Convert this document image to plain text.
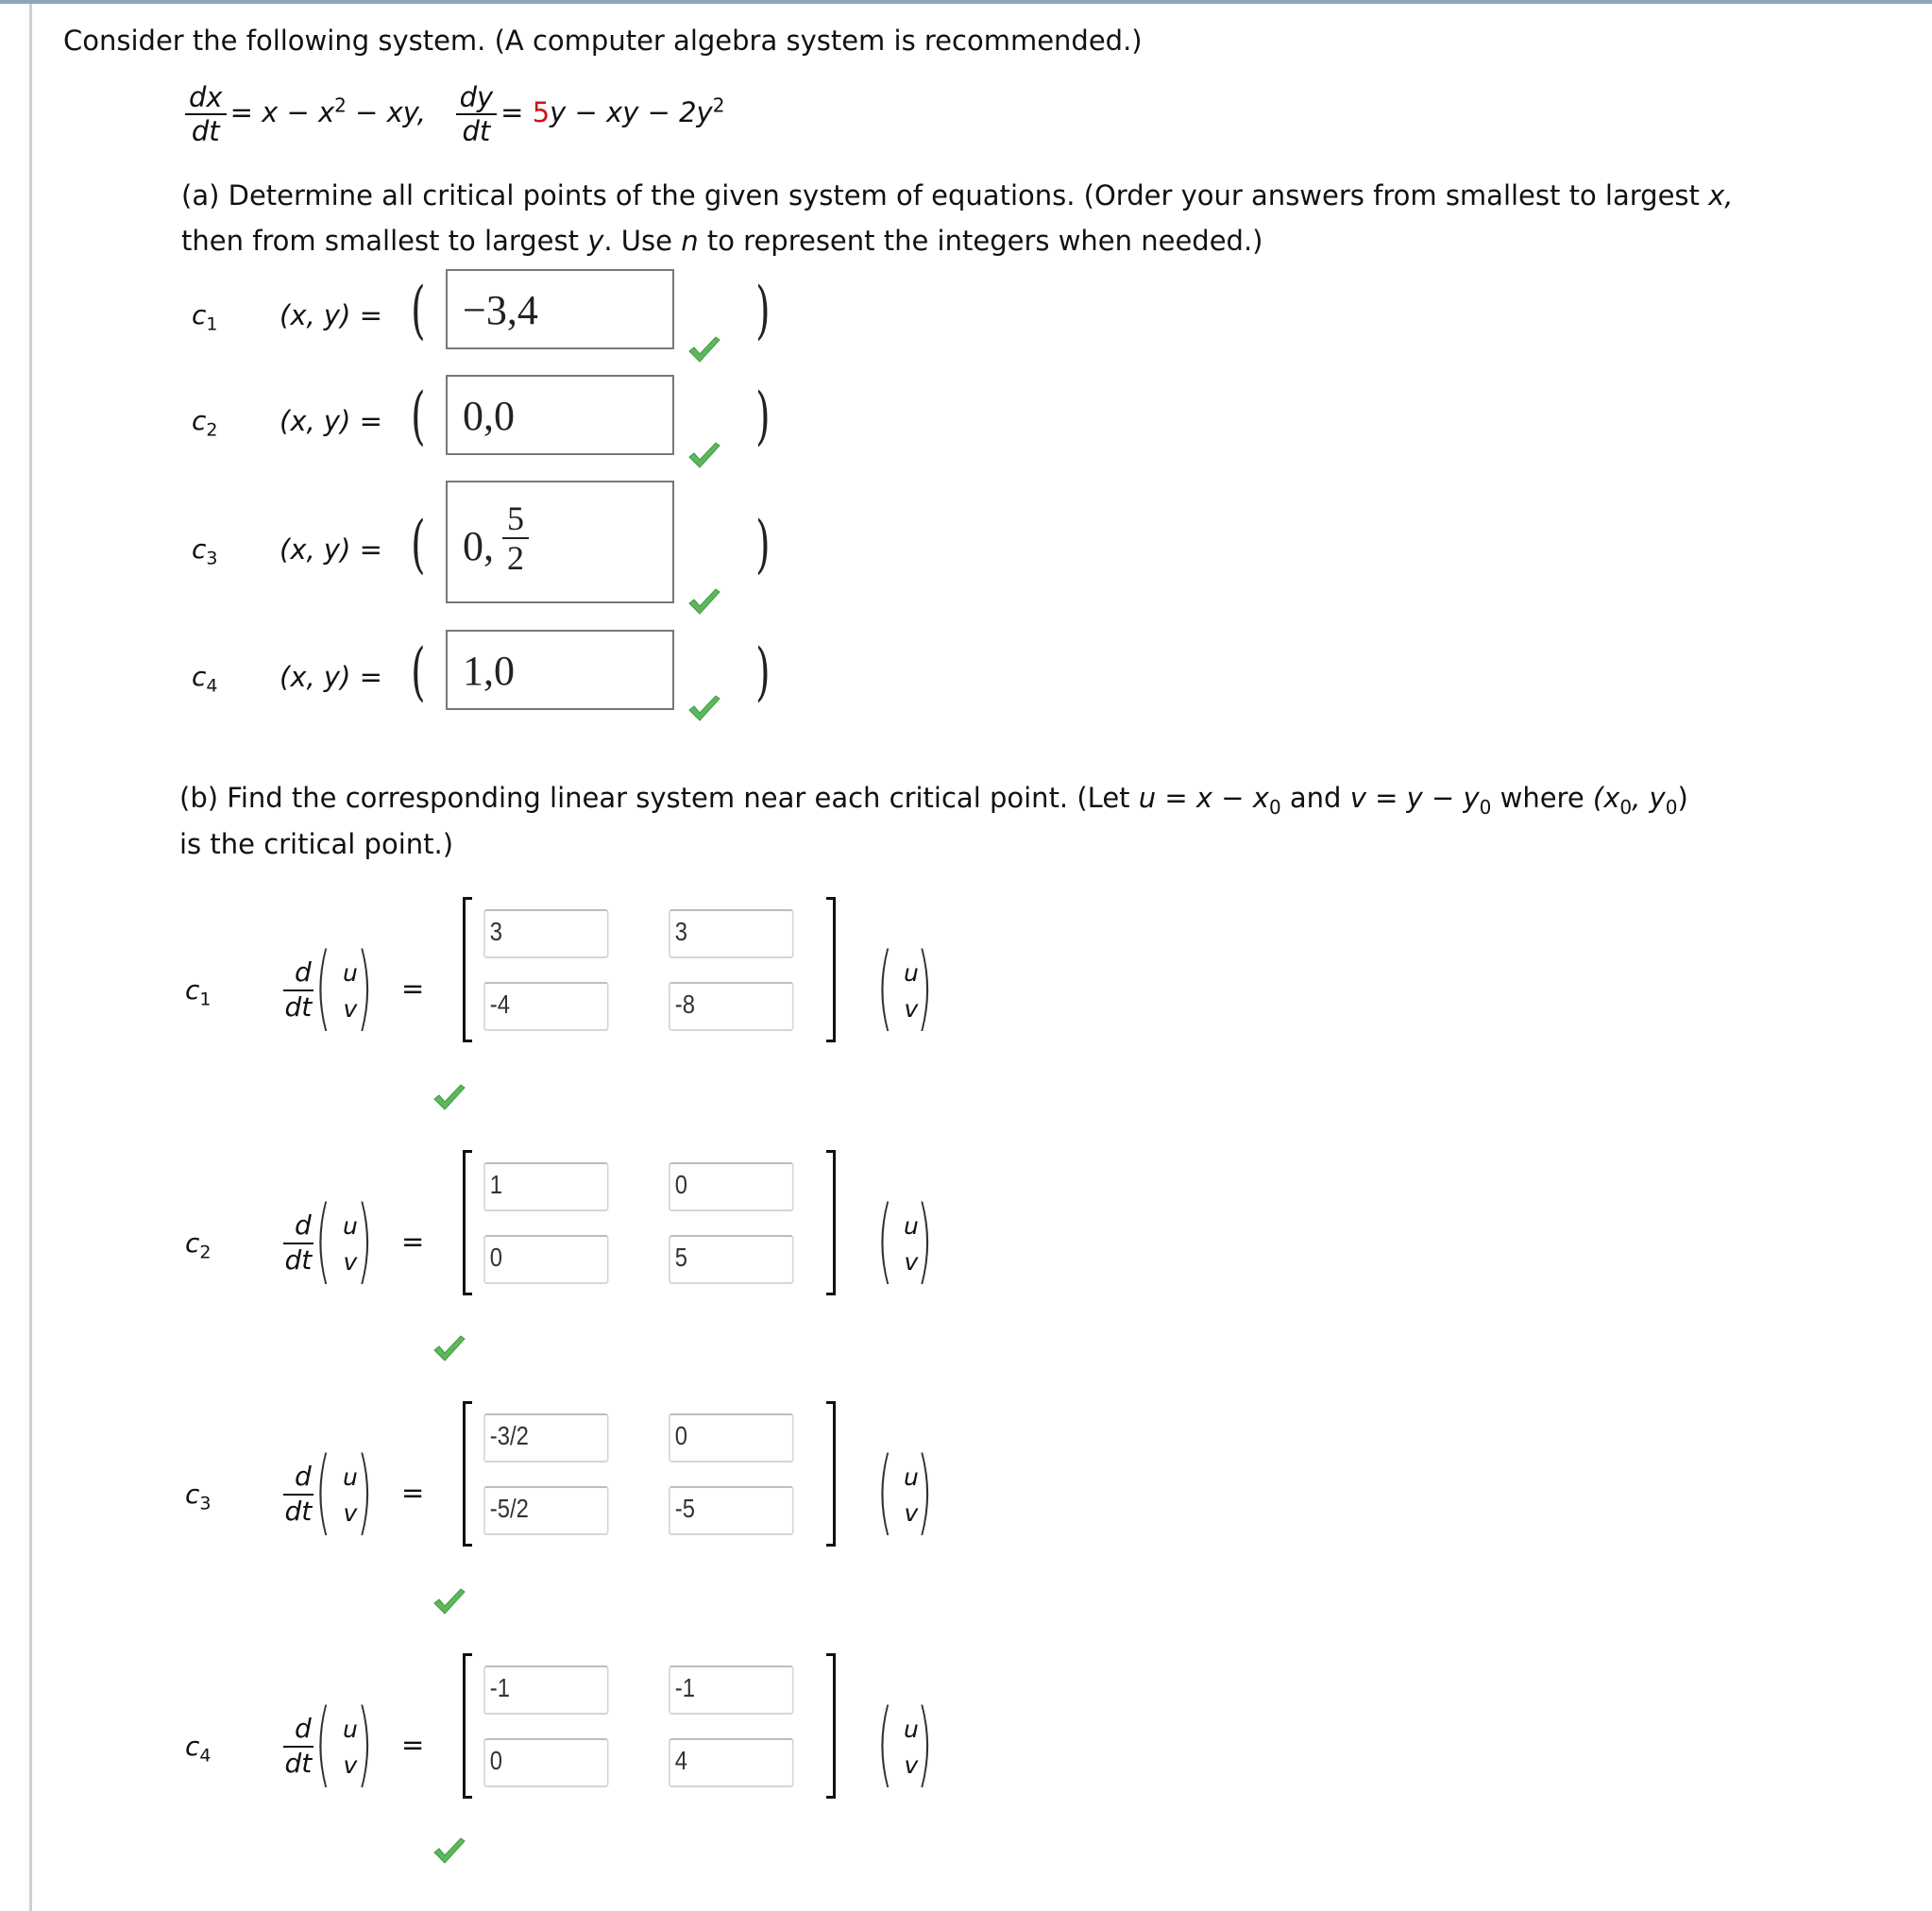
Consider the following system. (A computer algebra system is recommended.)
$\frac{dx}{dt} = x - x^2$ − xy, $\frac{dy}{dt} = 5y$ − xy − $2y^2$
(a) Determine all critical points of the given system of equations. (Order your answers from smallest to largest x,
then from smallest to largest y. Use n to represent the integers when needed.)
$c_1$ (x, y) = ( −3,4	)
$c_2$ (x, y) = ( 0,0	)
$c_3$ (x, y) = ( 0,
5
2	)
$c_4$ (x, y) = ( 1,0	)
(b) Find the corresponding linear system near each critical point. (Let $u = x - x_0$ and $v = y - y_0$ where ($x_0$, $y_0$)
is the critical point.)
$c_1$	$\frac{d}{dt}$ ( u
v ) =
3	3
-4	-8	( u
v
)
$c_2$	$\frac{d}{dt}$ ( u
v ) =
1	0
0	5	( u
v
)
$c_3$	$\frac{d}{dt}$ ( u
v ) =
-3/2	0
-5/2	-5	( u
v
)
$c_4$	$\frac{d}{dt}$ ( u
v ) =
-1	-1
0	4	( u
v
)
